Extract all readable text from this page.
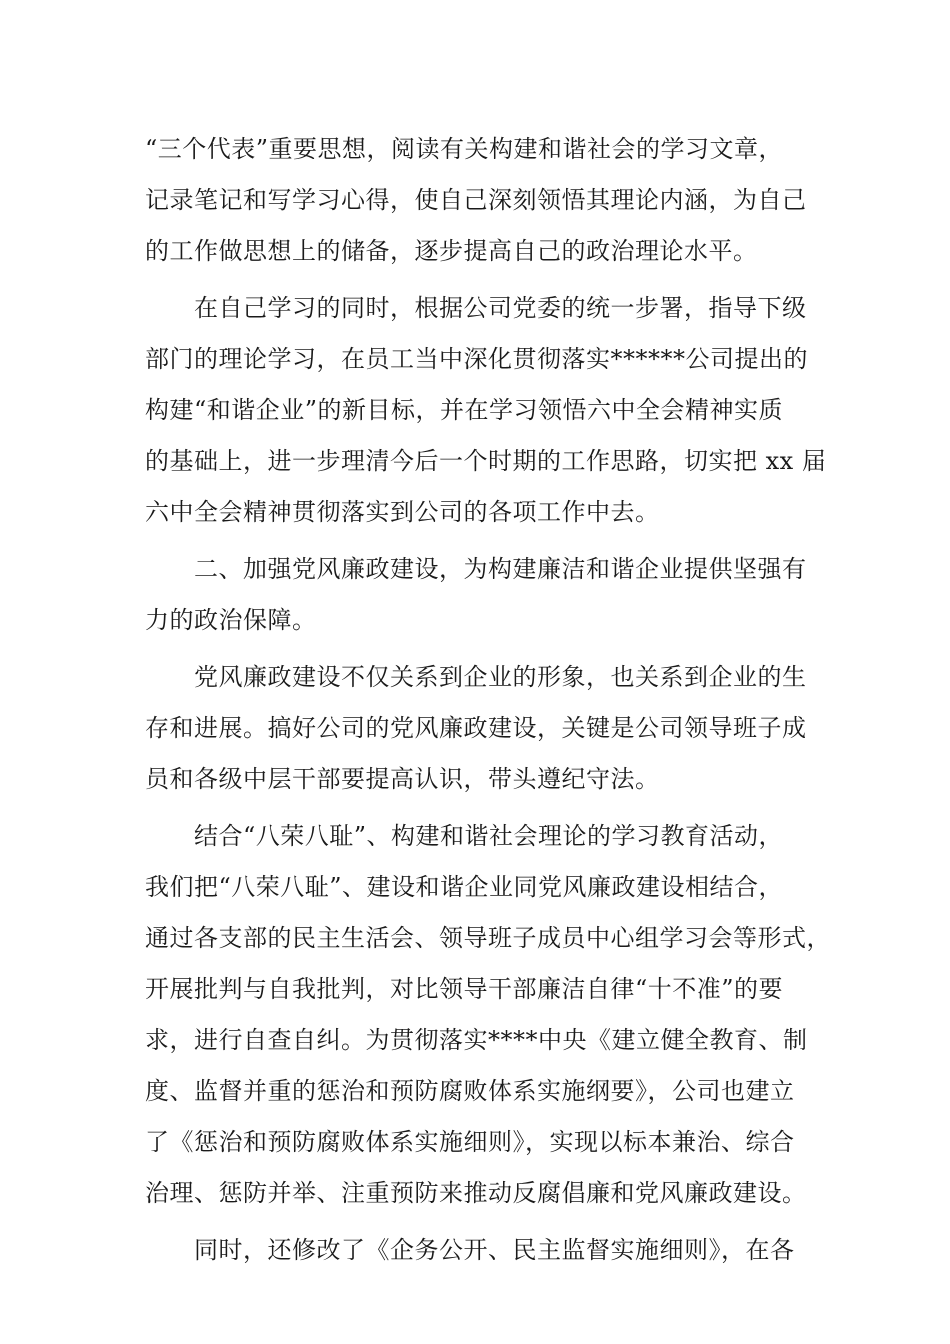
“三个代表”重要思想，阅读有关构建和谐社会的学习文章，
记录笔记和写学习心得，使自己深刻领悟其理论内涵，为自己
的工作做思想上的储备，逐步提高自己的政治理论水平。
　　在自己学习的同时，根据公司党委的统一步署，指导下级
部门的理论学习，在员工当中深化贯彻落实******公司提出的
构建“和谐企业”的新目标，并在学习领悟六中全会精神实质
的基础上，进一步理清今后一个时期的工作思路，切实把 xx 届
六中全会精神贯彻落实到公司的各项工作中去。
　　二、加强党风廉政建设，为构建廉洁和谐企业提供坚强有
力的政治保障。
　　党风廉政建设不仅关系到企业的形象，也关系到企业的生
存和进展。搞好公司的党风廉政建设，关键是公司领导班子成
员和各级中层干部要提高认识，带头遵纪守法。
　　结合“八荣八耻”、构建和谐社会理论的学习教育活动，
我们把“八荣八耻”、建设和谐企业同党风廉政建设相结合，
通过各支部的民主生活会、领导班子成员中心组学习会等形式，
开展批判与自我批判，对比领导干部廉洁自律“十不准”的要
求，进行自查自纠。为贯彻落实****中央《建立健全教育、制
度、监督并重的惩治和预防腐败体系实施纲要》，公司也建立
了《惩治和预防腐败体系实施细则》，实现以标本兼治、综合
治理、惩防并举、注重预防来推动反腐倡廉和党风廉政建设。
　　同时，还修改了《企务公开、民主监督实施细则》，在各
